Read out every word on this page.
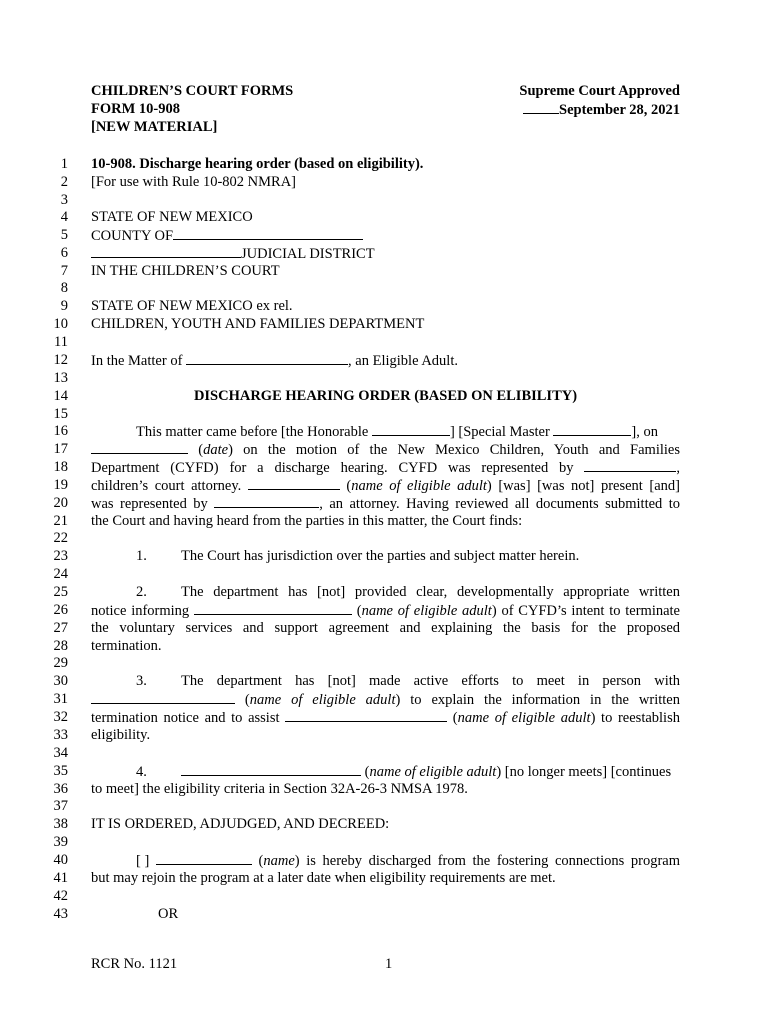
CHILDREN’S COURT FORMS
FORM 10-908
[NEW MATERIAL]
Supreme Court Approved
September 28, 2021
1
2
3
4
5
6
7
8
9
10
11
12
13
14
15
16
17
18
19
20
21
22
23
24
25
26
27
28
29
30
31
32
33
34
35
36
37
38
39
40
41
42
43
10-908. Discharge hearing order (based on eligibility).
[For use with Rule 10-802 NMRA]
STATE OF NEW MEXICO
COUNTY OF
JUDICIAL DISTRICT
IN THE CHILDREN’S COURT
STATE OF NEW MEXICO ex rel.
CHILDREN, YOUTH AND FAMILIES DEPARTMENT
In the Matter of	, an Eligible Adult.
DISCHARGE HEARING ORDER (BASED ON ELIBILITY)
This matter came before [the Honorable	] [Special Master	], on
(date) on the motion of the New Mexico Children, Youth and Families
Department (CYFD) for a discharge hearing. CYFD was represented by	,
children’s court attorney.	(name of eligible adult) [was] [was not] present [and]
was represented by	, an attorney. Having reviewed all documents submitted to
the Court and having heard from the parties in this matter, the Court finds:
1. The Court has jurisdiction over the parties and subject matter herein.
2. The department has [not] provided clear, developmentally appropriate written
notice informing	(name of eligible adult) of CYFD’s intent to terminate
the voluntary services and support agreement and explaining the basis for the proposed
termination.
3. The department has [not] made active efforts to meet in person with
(name of eligible adult) to explain the information in the written
termination notice and to assist	(name of eligible adult) to reestablish
eligibility.
4.	(name of eligible adult) [no longer meets] [continues
to meet] the eligibility criteria in Section 32A-26-3 NMSA 1978.
IT IS ORDERED, ADJUDGED, AND DECREED:
[ ]	(name) is hereby discharged from the fostering connections program
but may rejoin the program at a later date when eligibility requirements are met.
OR
RCR No. 1121	1
